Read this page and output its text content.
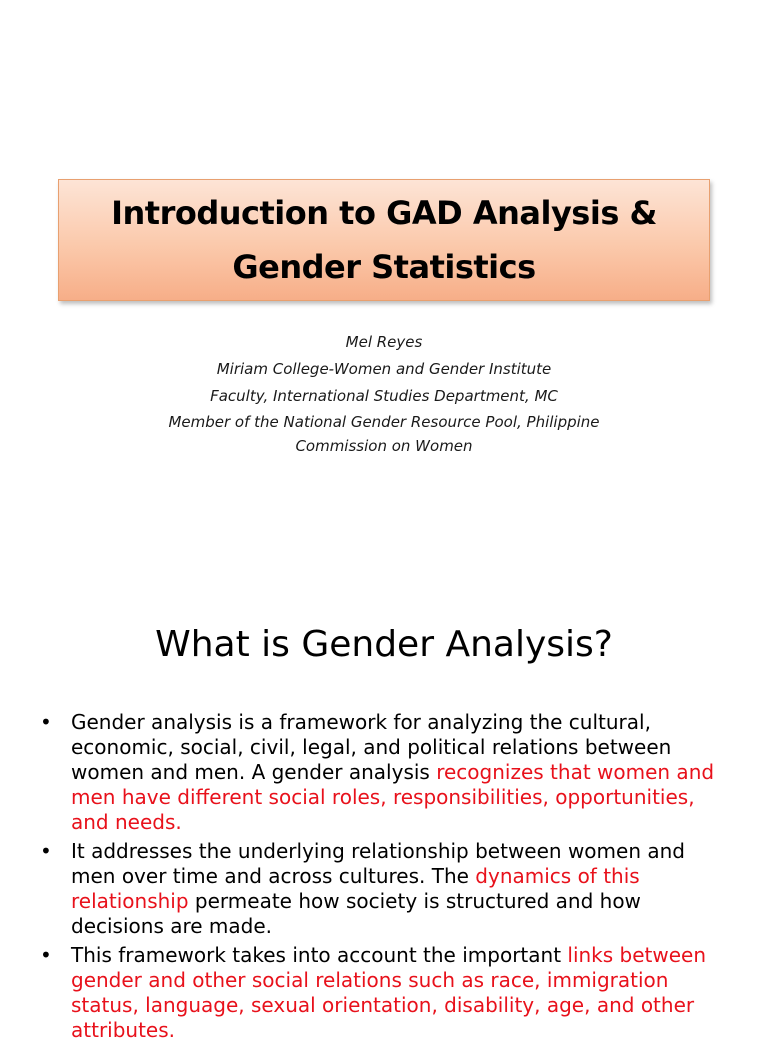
Introduction to GAD Analysis &
Gender Statistics
Mel Reyes
Miriam College-Women and Gender Institute
Faculty, International Studies Department, MC
Member of the National Gender Resource Pool, Philippine
Commission on Women
What is Gender Analysis?
• Gender analysis is a framework for analyzing the cultural, economic, social, civil, legal, and political relations between women and men. A gender analysis recognizes that women and men have different social roles, responsibilities, opportunities, and needs.
• It addresses the underlying relationship between women and men over time and across cultures. The dynamics of this relationship permeate how society is structured and how decisions are made.
• This framework takes into account the important links between gender and other social relations such as race, immigration status, language, sexual orientation, disability, age, and other attributes.
